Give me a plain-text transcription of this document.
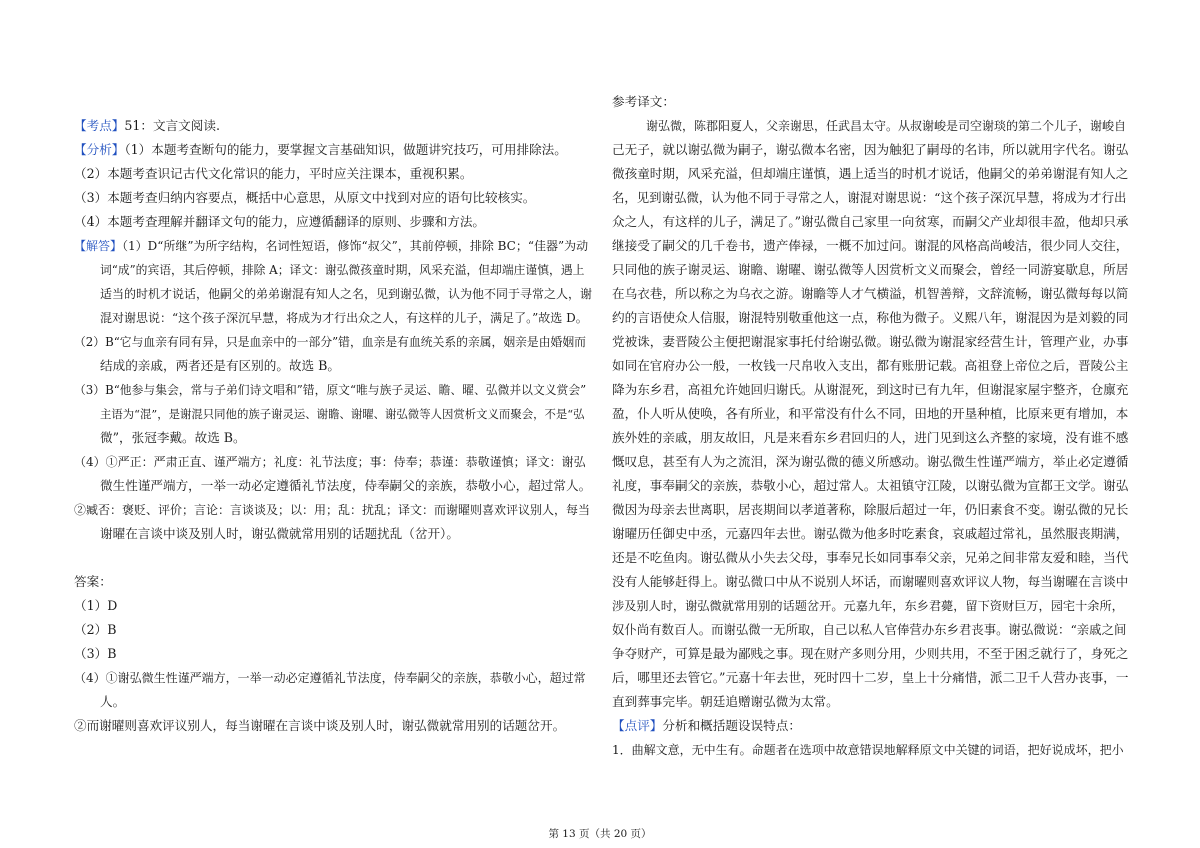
【考点】51：文言文阅读.
【分析】（1）本题考查断句的能力，要掌握文言基础知识，做题讲究技巧，可用排除法。
（2）本题考查识记古代文化常识的能力，平时应关注课本，重视积累。
（3）本题考查归纳内容要点，概括中心意思，从原文中找到对应的语句比较核实。
（4）本题考查理解并翻译文句的能力，应遵循翻译的原则、步骤和方法。
【解答】（1）D“所继”为所字结构，名词性短语，修饰“叔父”，其前停顿，排除 BC；“佳器”为动
词“成”的宾语，其后停顿，排除 A；译文：谢弘微孩童时期，风采充溢，但却端庄谨慎，遇上
适当的时机才说话，他嗣父的弟弟谢混有知人之名，见到谢弘微，认为他不同于寻常之人，谢
混对谢思说：“这个孩子深沉早慧，将成为才行出众之人，有这样的儿子，满足了。”故选 D。
（2）B“它与血亲有同有异，只是血亲中的一部分”错，血亲是有血统关系的亲属，姻亲是由婚姻而
结成的亲戚，两者还是有区别的。故选 B。
（3）B“他参与集会，常与子弟们诗文唱和”错，原文“唯与族子灵运、瞻、曜、弘微并以文义赏会”
主语为“混”，是谢混只同他的族子谢灵运、谢瞻、谢曜、谢弘微等人因赏析文义而聚会，不是“弘
微”，张冠李戴。故选 B。
（4）①严正：严肃正直、谨严端方；礼度：礼节法度；事：侍奉；恭谨：恭敬谨慎；译文：谢弘
微生性谨严端方，一举一动必定遵循礼节法度，侍奉嗣父的亲族，恭敬小心，超过常人。
②臧否：褒贬、评价；言论：言谈谈及；以：用；乱：扰乱；译文：而谢曜则喜欢评议别人，每当
谢曜在言谈中谈及别人时，谢弘微就常用别的话题扰乱（岔开）。
答案：
（1）D
（2）B
（3）B
（4）①谢弘微生性谨严端方，一举一动必定遵循礼节法度，侍奉嗣父的亲族，恭敬小心，超过常
人。
②而谢曜则喜欢评议别人，每当谢曜在言谈中谈及别人时，谢弘微就常用别的话题岔开。
参考译文：
谢弘微，陈郡阳夏人，父亲谢思，任武昌太守。从叔谢峻是司空谢琰的第二个儿子，谢峻自
己无子，就以谢弘微为嗣子，谢弘微本名密，因为触犯了嗣母的名讳，所以就用字代名。谢弘
微孩童时期，风采充溢，但却端庄谨慎，遇上适当的时机才说话，他嗣父的弟弟谢混有知人之
名，见到谢弘微，认为他不同于寻常之人，谢混对谢思说：“这个孩子深沉早慧，将成为才行出
众之人，有这样的儿子，满足了。”谢弘微自己家里一向贫寒，而嗣父产业却很丰盈，他却只承
继接受了嗣父的几千卷书，遗产俸禄，一概不加过问。谢混的风格高尚峻洁，很少同人交往，
只同他的族子谢灵运、谢瞻、谢曜、谢弘微等人因赏析文义而聚会，曾经一同游宴歇息，所居
在乌衣巷，所以称之为乌衣之游。谢瞻等人才气横溢，机智善辩，文辞流畅，谢弘微每每以简
约的言语使众人信服，谢混特别敬重他这一点，称他为微子。义熙八年，谢混因为是刘毅的同
党被诛，妻晋陵公主便把谢混家事托付给谢弘微。谢弘微为谢混家经营生计，管理产业，办事
如同在官府办公一般，一枚钱一尺帛收入支出，都有账册记载。高祖登上帝位之后，晋陵公主
降为东乡君，高祖允许她回归谢氏。从谢混死，到这时已有九年，但谢混家屋宇整齐，仓廪充
盈，仆人听从使唤，各有所业，和平常没有什么不同，田地的开垦种植，比原来更有增加，本
族外姓的亲戚，朋友故旧，凡是来看东乡君回归的人，进门见到这么齐整的家境，没有谁不感
慨叹息，甚至有人为之流泪，深为谢弘微的德义所感动。谢弘微生性谨严端方，举止必定遵循
礼度，事奉嗣父的亲族，恭敬小心，超过常人。太祖镇守江陵，以谢弘微为宣都王文学。谢弘
微因为母亲去世离职，居丧期间以孝道著称，除服后超过一年，仍旧素食不变。谢弘微的兄长
谢曜历任御史中丞，元嘉四年去世。谢弘微为他多时吃素食，哀戚超过常礼，虽然服丧期满，
还是不吃鱼肉。谢弘微从小失去父母，事奉兄长如同事奉父亲，兄弟之间非常友爱和睦，当代
没有人能够赶得上。谢弘微口中从不说别人坏话，而谢曜则喜欢评议人物，每当谢曜在言谈中
涉及别人时，谢弘微就常用别的话题岔开。元嘉九年，东乡君薨，留下资财巨万，园宅十余所，
奴仆尚有数百人。而谢弘微一无所取，自己以私人官俸营办东乡君丧事。谢弘微说：“亲戚之间
争夺财产，可算是最为鄙贱之事。现在财产多则分用，少则共用，不至于困乏就行了，身死之
后，哪里还去管它。”元嘉十年去世，死时四十二岁，皇上十分痛惜，派二卫千人营办丧事，一
直到葬事完毕。朝廷追赠谢弘微为太常。
【点评】分析和概括题设误特点：
1．曲解文意，无中生有。命题者在选项中故意错误地解释原文中关键的词语，把好说成坏，把小
第 13 页（共 20 页）
